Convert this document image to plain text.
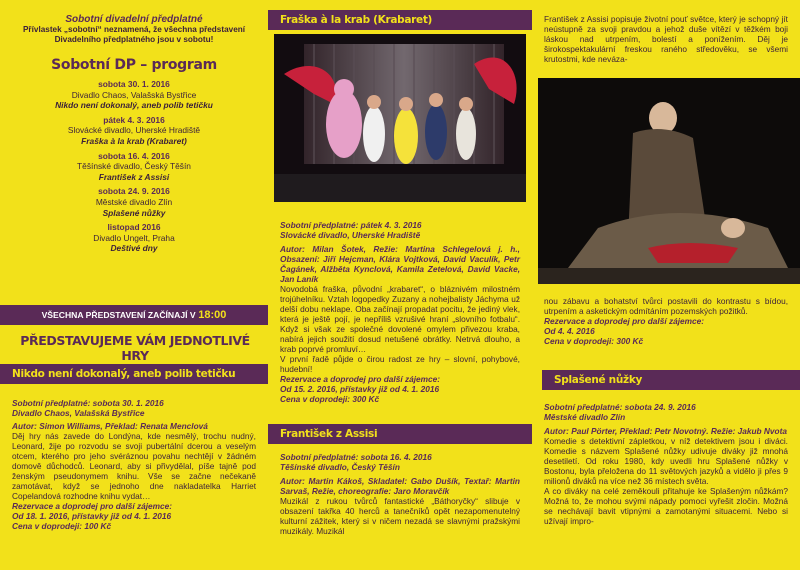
Sobotní divadelní předplatné
Přívlastek „sobotní“ neznamená, že všechna představení Divadelního předplatného jsou v sobotu!
Sobotní DP – program
sobota 30. 1. 2016
Divadlo Chaos, Valašská Bystřice
Nikdo není dokonalý, aneb polib tetičku
pátek 4. 3. 2016
Slovácké divadlo, Uherské Hradiště
Fraška à la krab (Krabaret)
sobota 16. 4. 2016
Těšínské divadlo, Český Těšín
František z Assisi
sobota 24. 9. 2016
Městské divadlo Zlín
Splašené nůžky
listopad 2016
Divadlo Ungelt, Praha
Deštivé dny
VŠECHNA PŘEDSTAVENÍ ZAČÍNAJÍ V 18:00
PŘEDSTAVUJEME VÁM JEDNOTLIVÉ HRY
Nikdo není dokonalý, aneb polib tetičku

Sobotní předplatné: sobota 30. 1. 2016

Divadlo Chaos, Valašská Bystřice

Autor: Simon Williams, Překlad: Renata Menclová

Děj hry nás zavede do Londýna, kde nesmělý, trochu nudný, Leonard, žije po rozvodu se svoji pubertální dcerou a veselým otcem, kterého pro jeho svéráznou povahu nechtějí v žádném domově důchodců. Leonard, aby si přivydělal, píše tajně pod ženským pseudonymem knihu. Vše se začne nečekaně zamotávat, když se jednoho dne nakladatelka Harriet Copelandová rozhodne knihu vydat…

Rezervace a doprodej pro další zájemce:

Od 18. 1. 2016, přístavky již od 4. 1. 2016

Cena v doprodeji: 100 Kč

Fraška à la krab (Krabaret)

Sobotní předplatné: pátek 4. 3. 2016

Slovácké divadlo, Uherské Hradiště

Autor: Milan Šotek, Režie: Martina Schlegelová j. h., Obsazení: Jiří Hejcman, Klára Vojtková, David Vaculík, Petr Čagánek, Alžběta Kynclová, Kamila Zetelová, David Vacke, Jan Laník

Novodobá fraška, původní „krabaret“, o bláznivém milostném trojúhelníku. Vztah logopedky Zuzany a nohejbalisty Jáchyma už delší dobu neklape. Oba začínají propadat pocitu, že jediný vlek, která je ještě pojí, je nepříliš vzrušivé hraní „slovního fotbalu“. Když si však ze společné dovolené omylem přivezou kraba, nabírá jejich soužití dosud netušené obrátky. Netrvá dlouho, a krab poprvé promluví…

V první řadě půjde o čirou radost ze hry – slovní, pohybové, hudební!

Rezervace a doprodej pro další zájemce:

Od 15. 2. 2016, přístavky již od 4. 1. 2016

Cena v doprodeji: 300 Kč

František z Assisi

Sobotní předplatné: sobota 16. 4. 2016

Těšínské divadlo, Český Těšín

Autor: Martin Kákoš, Skladatel: Gabo Dušík, Textař: Martin Sarvaš, Režie, choreografie: Jaro Moravčík

Muzikál z rukou tvůrců fantastické „Báthoryčky“ slibuje v obsazení takřka 40 herců a tanečníků opět nezapomenutelný kulturní zážitek, který si v ničem nezadá se slavnými pražskými muzikály. Muzikál

František z Assisi popisuje životní pouť světce, který je schopný jít neústupně za svoji pravdou a jehož duše vítězí v těžkém boji láskou nad utrpením, bolestí a ponížením. Děj je širokospektakulární freskou raného středověku, se všemi krutostmi, kde neváza-

nou zábavu a bohatství tvůrci postavili do kontrastu s bídou, utrpením a asketickým odmítáním pozemských požitků.

Rezervace a doprodej pro další zájemce:

Od 4. 4. 2016

Cena v doprodeji: 300 Kč

Splašené nůžky

Sobotní předplatné: sobota 24. 9. 2016

Městské divadlo Zlín

Autor: Paul Pörter, Překlad: Petr Novotný. Režie: Jakub Nvota

Komedie s detektivní zápletkou, v níž detektivem jsou i diváci. Komedie s názvem Splašené nůžky udivuje diváky již mnohá desetiletí. Od roku 1980, kdy uvedli hru Splašené nůžky v Bostonu, byla přeložena do 11 světových jazyků a vidělo ji přes 9 milionů diváků na více než 36 místech světa.

A co diváky na celé zeměkouli přitahuje ke Splašeným nůžkám? Možná to, že mohou svými nápady pomoci vyřešit zločin. Možná se nechávají bavit vtipnými a zamotanými situacemi. Nebo si užívají impro-
